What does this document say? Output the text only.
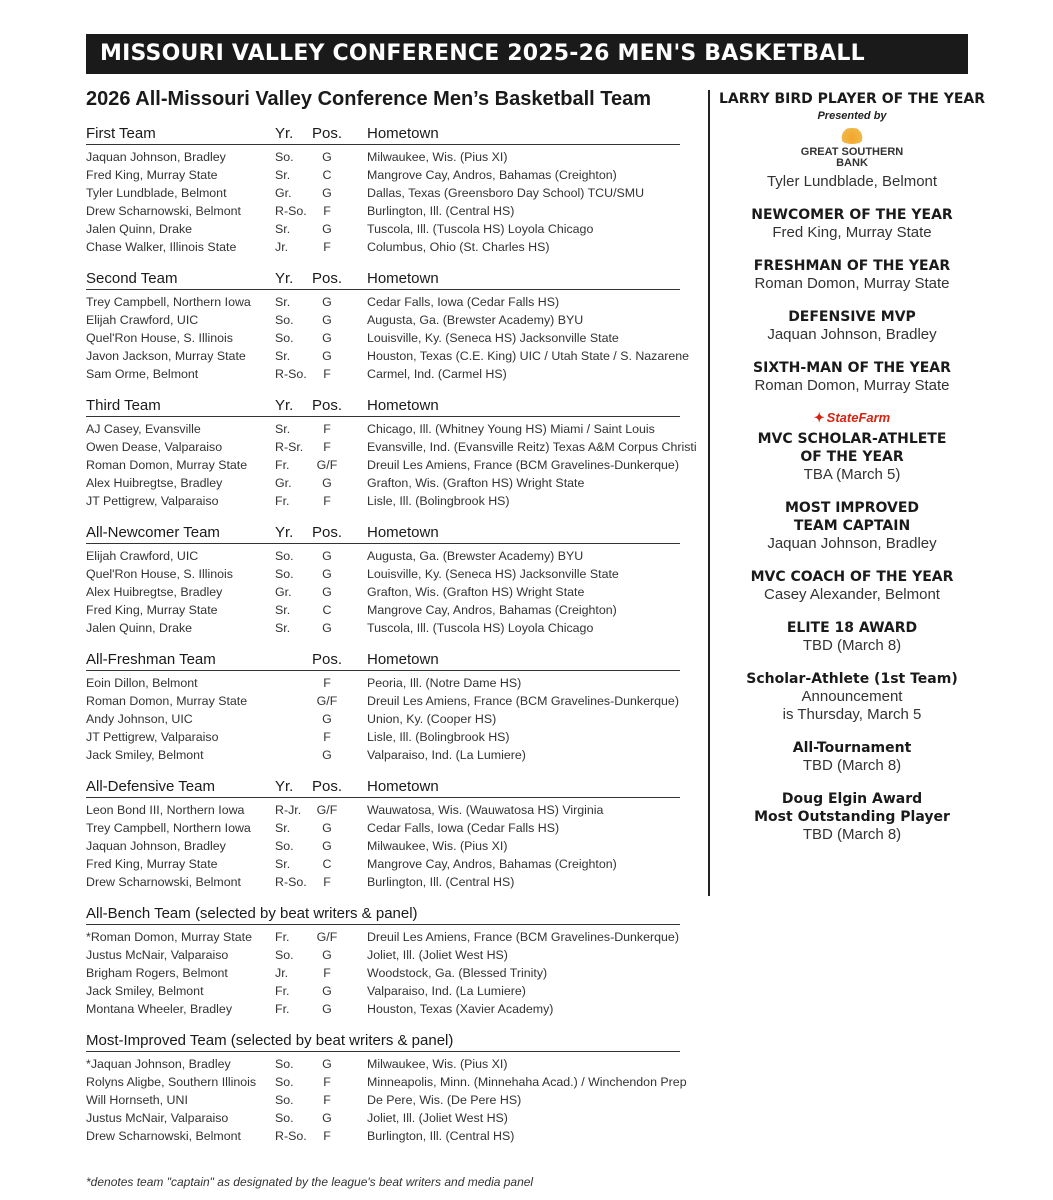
MISSOURI VALLEY CONFERENCE 2025-26 MEN'S BASKETBALL
2026 All-Missouri Valley Conference Men’s Basketball Team
First Team	Yr. Pos. Hometown
Jaquan Johnson, Bradley	So.	G	Milwaukee, Wis. (Pius XI)
Fred King, Murray State	Sr.	C	Mangrove Cay, Andros, Bahamas (Creighton)
Tyler Lundblade, Belmont	Gr.	G	Dallas, Texas (Greensboro Day School) TCU/SMU
Drew Scharnowski, Belmont	R-So.	F	Burlington, Ill. (Central HS)
Jalen Quinn, Drake	Sr.	G	Tuscola, Ill. (Tuscola HS) Loyola Chicago
Chase Walker, Illinois State	Jr.	F	Columbus, Ohio (St. Charles HS)
Second Team	Yr. Pos. Hometown
Trey Campbell, Northern Iowa Sr.	G	Cedar Falls, Iowa (Cedar Falls HS)
Elijah Crawford, UIC	So.	G	Augusta, Ga. (Brewster Academy) BYU
Quel'Ron House, S. Illinois	So.	G	Louisville, Ky. (Seneca HS) Jacksonville State
Javon Jackson, Murray State Sr.	G	Houston, Texas (C.E. King) UIC / Utah State / S. Nazarene
Sam Orme, Belmont	R-So.	F	Carmel, Ind. (Carmel HS)
Third Team	Yr. Pos. Hometown
AJ Casey, Evansville	Sr.	F	Chicago, Ill. (Whitney Young HS) Miami / Saint Louis
Owen Dease, Valparaiso	R-Sr.	F	Evansville, Ind. (Evansville Reitz) Texas A&M Corpus Christi
Roman Domon, Murray State Fr.	G/F	Dreuil Les Amiens, France (BCM Gravelines-Dunkerque)
Alex Huibregtse, Bradley	Gr.	G	Grafton, Wis. (Grafton HS) Wright State
JT Pettigrew, Valparaiso	Fr.	F	Lisle, Ill. (Bolingbrook HS)
All-Newcomer Team	Yr. Pos. Hometown
Elijah Crawford, UIC	So.	G	Augusta, Ga. (Brewster Academy) BYU
Quel'Ron House, S. Illinois	So.	G	Louisville, Ky. (Seneca HS) Jacksonville State
Alex Huibregtse, Bradley	Gr.	G	Grafton, Wis. (Grafton HS) Wright State
Fred King, Murray State	Sr.	C	Mangrove Cay, Andros, Bahamas (Creighton)
Jalen Quinn, Drake	Sr.	G	Tuscola, Ill. (Tuscola HS) Loyola Chicago
All-Freshman Team	Pos. Hometown
Eoin Dillon, Belmont	F	Peoria, Ill. (Notre Dame HS)
Roman Domon, Murray State	G/F	Dreuil Les Amiens, France (BCM Gravelines-Dunkerque)
Andy Johnson, UIC	G	Union, Ky. (Cooper HS)
JT Pettigrew, Valparaiso	F	Lisle, Ill. (Bolingbrook HS)
Jack Smiley, Belmont	G	Valparaiso, Ind. (La Lumiere)
All-Defensive Team	Yr. Pos. Hometown
Leon Bond III, Northern Iowa R-Jr.	G/F	Wauwatosa, Wis. (Wauwatosa HS) Virginia
Trey Campbell, Northern Iowa Sr.	G	Cedar Falls, Iowa (Cedar Falls HS)
Jaquan Johnson, Bradley	So.	G	Milwaukee, Wis. (Pius XI)
Fred King, Murray State	Sr.	C	Mangrove Cay, Andros, Bahamas (Creighton)
Drew Scharnowski, Belmont	R-So.	F	Burlington, Ill. (Central HS)
All-Bench Team (selected by beat writers & panel)
*Roman Domon, Murray State Fr.	G/F	Dreuil Les Amiens, France (BCM Gravelines-Dunkerque)
Justus McNair, Valparaiso	So.	G	Joliet, Ill. (Joliet West HS)
Brigham Rogers, Belmont	Jr.	F	Woodstock, Ga. (Blessed Trinity)
Jack Smiley, Belmont	Fr.	G	Valparaiso, Ind. (La Lumiere)
Montana Wheeler, Bradley	Fr.	G	Houston, Texas (Xavier Academy)
Most-Improved Team (selected by beat writers & panel)
*Jaquan Johnson, Bradley	So.	G	Milwaukee, Wis. (Pius XI)
Rolyns Aligbe, Southern Illinois So.	F	Minneapolis, Minn. (Minnehaha Acad.) / Winchendon Prep
Will Hornseth, UNI	So.	F	De Pere, Wis. (De Pere HS)
Justus McNair, Valparaiso	So.	G	Joliet, Ill. (Joliet West HS)
Drew Scharnowski, Belmont	R-So.	F	Burlington, Ill. (Central HS)
*denotes team "captain" as designated by the league's beat writers and media panel
LARRY BIRD PLAYER OF THE YEAR
Presented by
GREAT SOUTHERN
BANK
Tyler Lundblade, Belmont
NEWCOMER OF THE YEAR
Fred King, Murray State
FRESHMAN OF THE YEAR
Roman Domon, Murray State
DEFENSIVE MVP
Jaquan Johnson, Bradley
SIXTH-MAN OF THE YEAR
Roman Domon, Murray State
✦ StateFarm
MVC SCHOLAR-ATHLETE
OF THE YEAR
TBA (March 5)
MOST IMPROVED
TEAM CAPTAIN
Jaquan Johnson, Bradley
MVC COACH OF THE YEAR
Casey Alexander, Belmont
ELITE 18 AWARD
TBD (March 8)
Scholar-Athlete (1st Team)
Announcement
is Thursday, March 5
All-Tournament
TBD (March 8)
Doug Elgin Award
Most Outstanding Player
TBD (March 8)
